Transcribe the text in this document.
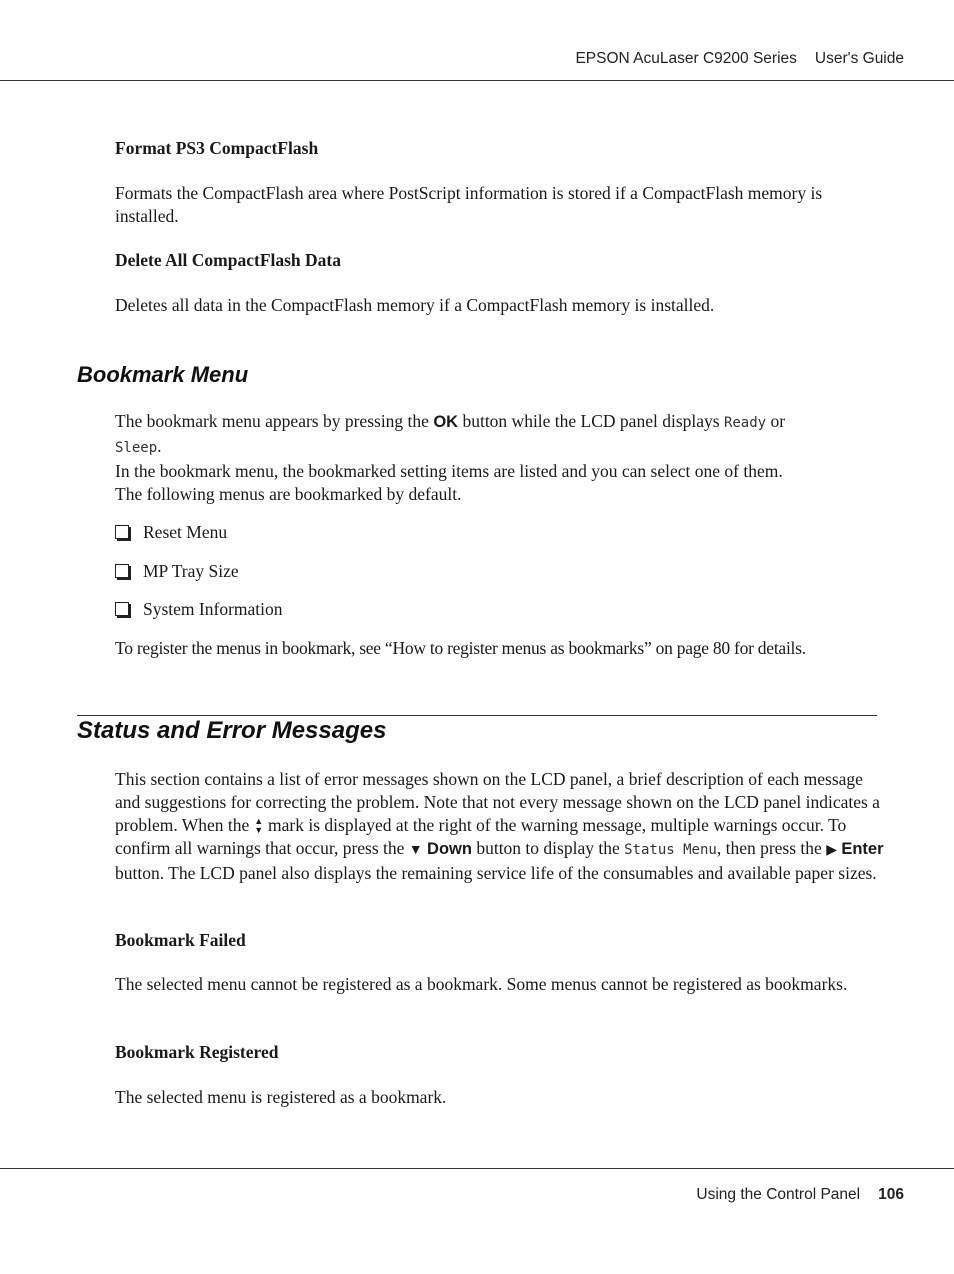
EPSON AcuLaser C9200 Series User's Guide

Format PS3 CompactFlash

Formats the CompactFlash area where PostScript information is stored if a CompactFlash memory is installed.

Delete All CompactFlash Data

Deletes all data in the CompactFlash memory if a CompactFlash memory is installed.

Bookmark Menu

The bookmark menu appears by pressing the OK button while the LCD panel displays Ready or
Sleep.
In the bookmark menu, the bookmarked setting items are listed and you can select one of them.
The following menus are bookmarked by default.

Reset Menu
MP Tray Size
System Information

To register the menus in bookmark, see “How to register menus as bookmarks” on page 80 for details.

Status and Error Messages

This section contains a list of error messages shown on the LCD panel, a brief description of each message and suggestions for correcting the problem. Note that not every message shown on the LCD panel indicates a problem. When the ▲
▼ mark is displayed at the right of the warning message, multiple warnings occur. To confirm all warnings that occur, press the ▼ Down button to display the Status Menu, then press the ▶ Enter button. The LCD panel also displays the remaining service life of the consumables and available paper sizes.

Bookmark Failed

The selected menu cannot be registered as a bookmark. Some menus cannot be registered as bookmarks.

Bookmark Registered

The selected menu is registered as a bookmark.

Using the Control Panel 106
